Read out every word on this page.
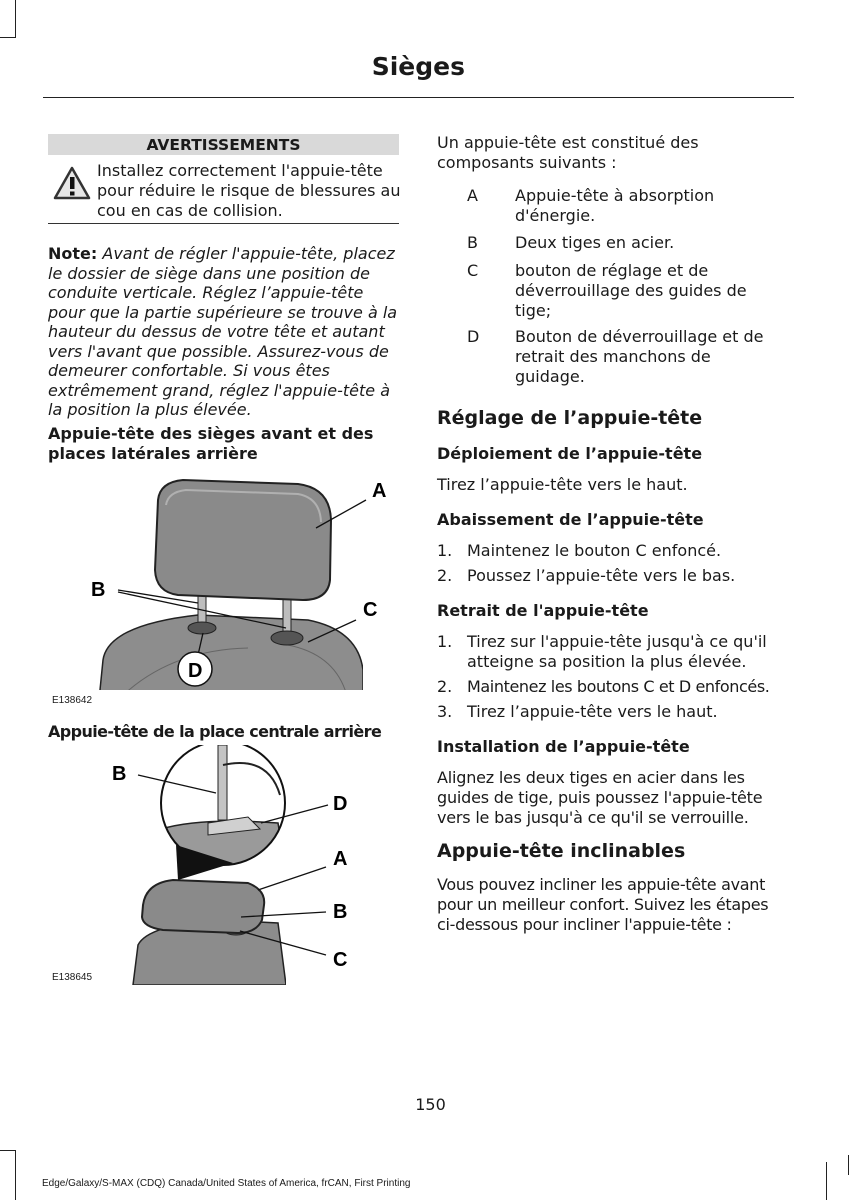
Sièges
AVERTISSEMENTS
Installez correctement l'appuie-tête pour réduire le risque de blessures au cou en cas de collision.
Note: Avant de régler l'appuie-tête, placez le dossier de siège dans une position de conduite verticale. Réglez l’appuie-tête pour que la partie supérieure se trouve à la hauteur du dessus de votre tête et autant vers l'avant que possible. Assurez-vous de demeurer confortable. Si vous êtes extrêmement grand, réglez l'appuie-tête à la position la plus élevée.
Appuie-tête des sièges avant et des places latérales arrière
A
B
C
D
E138642
Appuie-tête de la place centrale arrière
B
D
A
B
C
E138645
Un appuie-tête est constitué des composants suivants :
A Appuie-tête à absorption d'énergie.
B Deux tiges en acier.
C bouton de réglage et de déverrouillage des guides de tige;
D Bouton de déverrouillage et de retrait des manchons de guidage.
Réglage de l’appuie-tête
Déploiement de l’appuie-tête
Tirez l’appuie-tête vers le haut.
Abaissement de l’appuie-tête
1. Maintenez le bouton C enfoncé.
2. Poussez l’appuie-tête vers le bas.
Retrait de l'appuie-tête
1. Tirez sur l'appuie-tête jusqu'à ce qu'il atteigne sa position la plus élevée.
2. Maintenez les boutons C et D enfoncés.
3. Tirez l’appuie-tête vers le haut.
Installation de l’appuie-tête
Alignez les deux tiges en acier dans les guides de tige, puis poussez l'appuie-tête vers le bas jusqu'à ce qu'il se verrouille.
Appuie-tête inclinables
Vous pouvez incliner les appuie-tête avant pour un meilleur confort. Suivez les étapes ci-dessous pour incliner l'appuie-tête :
150
Edge/Galaxy/S-MAX (CDQ) Canada/United States of America, frCAN, First Printing
